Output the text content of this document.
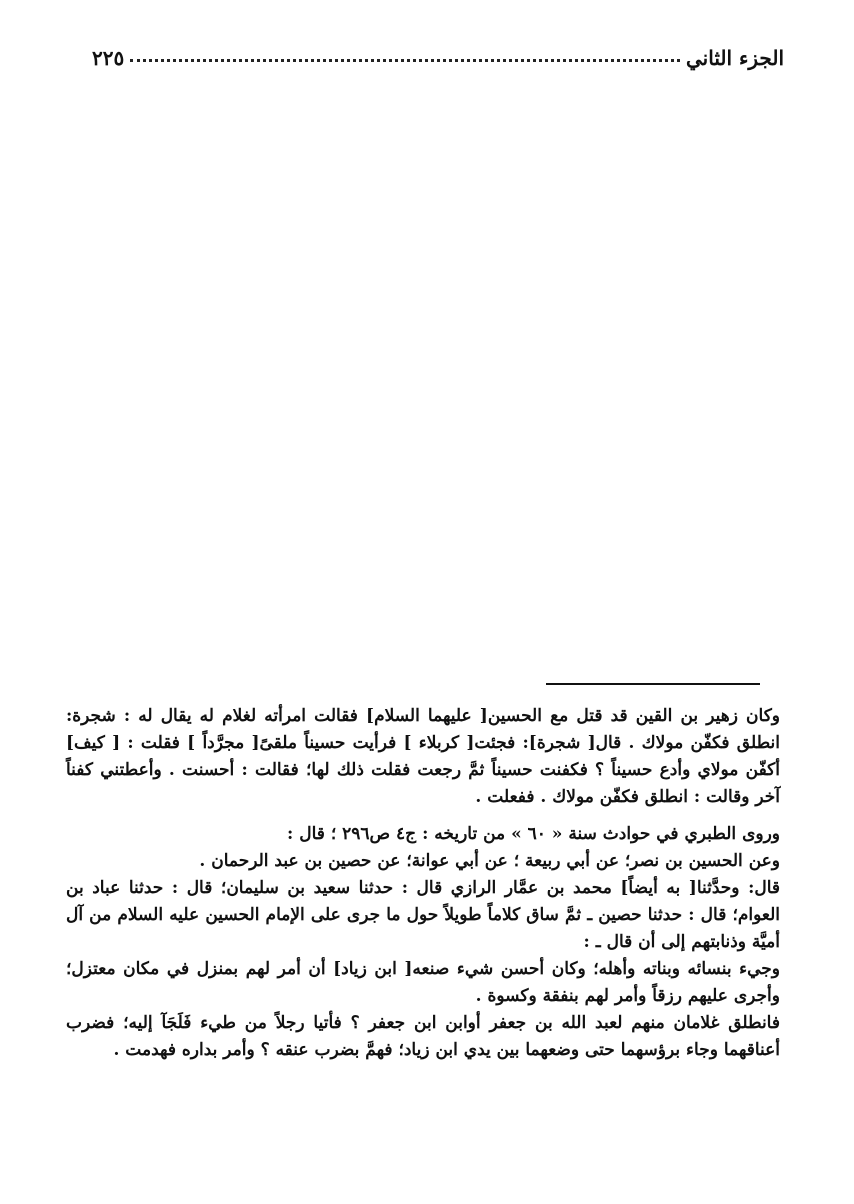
الجزء الثاني
٢٢٥

وكان زهير بن القين قد قتل مع الحسين[ عليهما السلام] فقالت امرأته لغلام له يقال له : شجرة: انطلق فكفّن مولاك . قال[ شجرة]: فجئت[ كربلاء ] فرأيت حسيناً ملقىً[ مجرَّداً ] فقلت : [ كيف] أكفّن مولاي وأدع حسيناً ؟ فكفنت حسيناً ثمَّ رجعت فقلت ذلك لها؛ فقالت : أحسنت . وأعطتني كفناً آخر وقالت : انطلق فكفّن مولاك . ففعلت .

وروى الطبري في حوادث سنة « ٦٠ » من تاريخه : ج٤ ص٢٩٦ ؛ قال :

وعن الحسين بن نصر؛ عن أبي ربيعة ؛ عن أبي عوانة؛ عن حصين بن عبد الرحمان .

قال: وحدَّثنا[ به أيضاً] محمد بن عمَّار الرازي قال : حدثنا سعيد بن سليمان؛ قال : حدثنا عباد بن العوام؛ قال : حدثنا حصين ـ ثمَّ ساق كلاماً طويلاً حول ما جرى على الإمام الحسين عليه السلام من آل أميَّة وذنابتهم إلى أن قال ـ :

وجيء بنسائه وبناته وأهله؛ وكان أحسن شيء صنعه[ ابن زياد] أن أمر لهم بمنزل في مكان معتزل؛ وأجرى عليهم رزقاً وأمر لهم بنفقة وكسوة .

فانطلق غلامان منهم لعبد الله بن جعفر أوابن ابن جعفر ؟ فأتيا رجلاً من طيء فَلَجَآ إليه؛ فضرب أعناقهما وجاء برؤسهما حتى وضعهما بين يدي ابن زياد؛ فهمَّ بضرب عنقه ؟ وأمر بداره فهدمت .
